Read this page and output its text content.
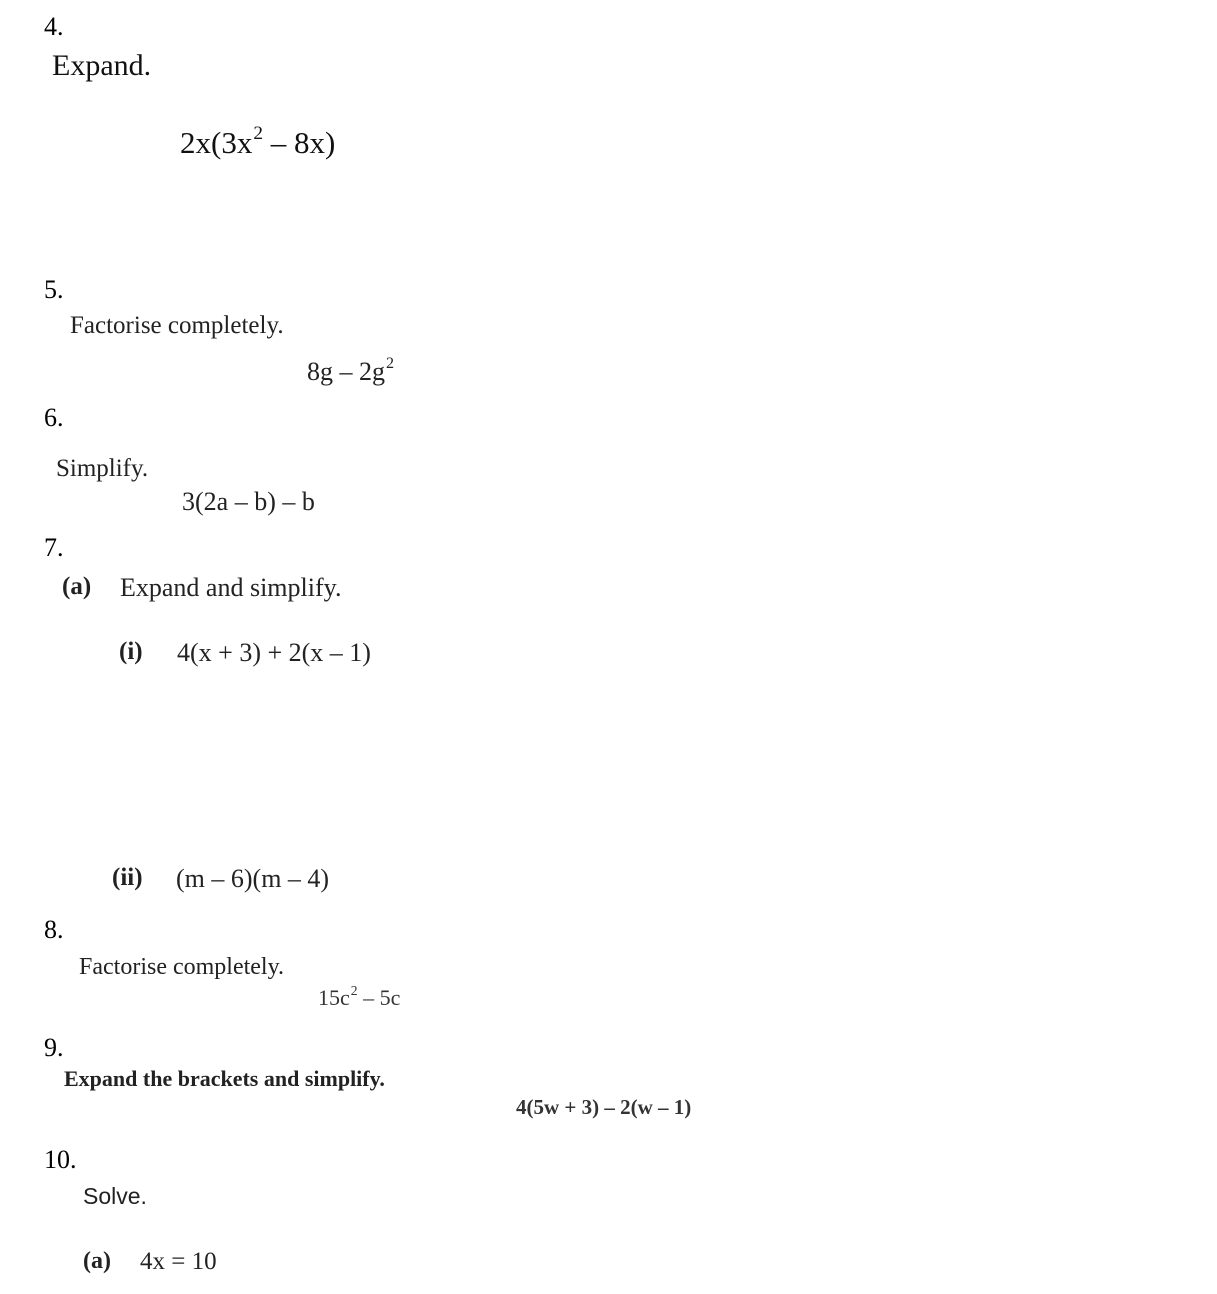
4.
Expand.
$2x(3x^2 - 8x)$
5.
Factorise completely.
$8g - 2g^2$
6.
Simplify.
3(2a – b) – b
7.
(a) Expand and simplify.
(i) 4(x + 3) + 2(x – 1)
(ii) (m – 6)(m – 4)
8.
Factorise completely.
$15c^2 - 5c$
9.
Expand the brackets and simplify.
4(5w + 3) – 2(w – 1)
10.
Solve.
(a) 4x = 10
